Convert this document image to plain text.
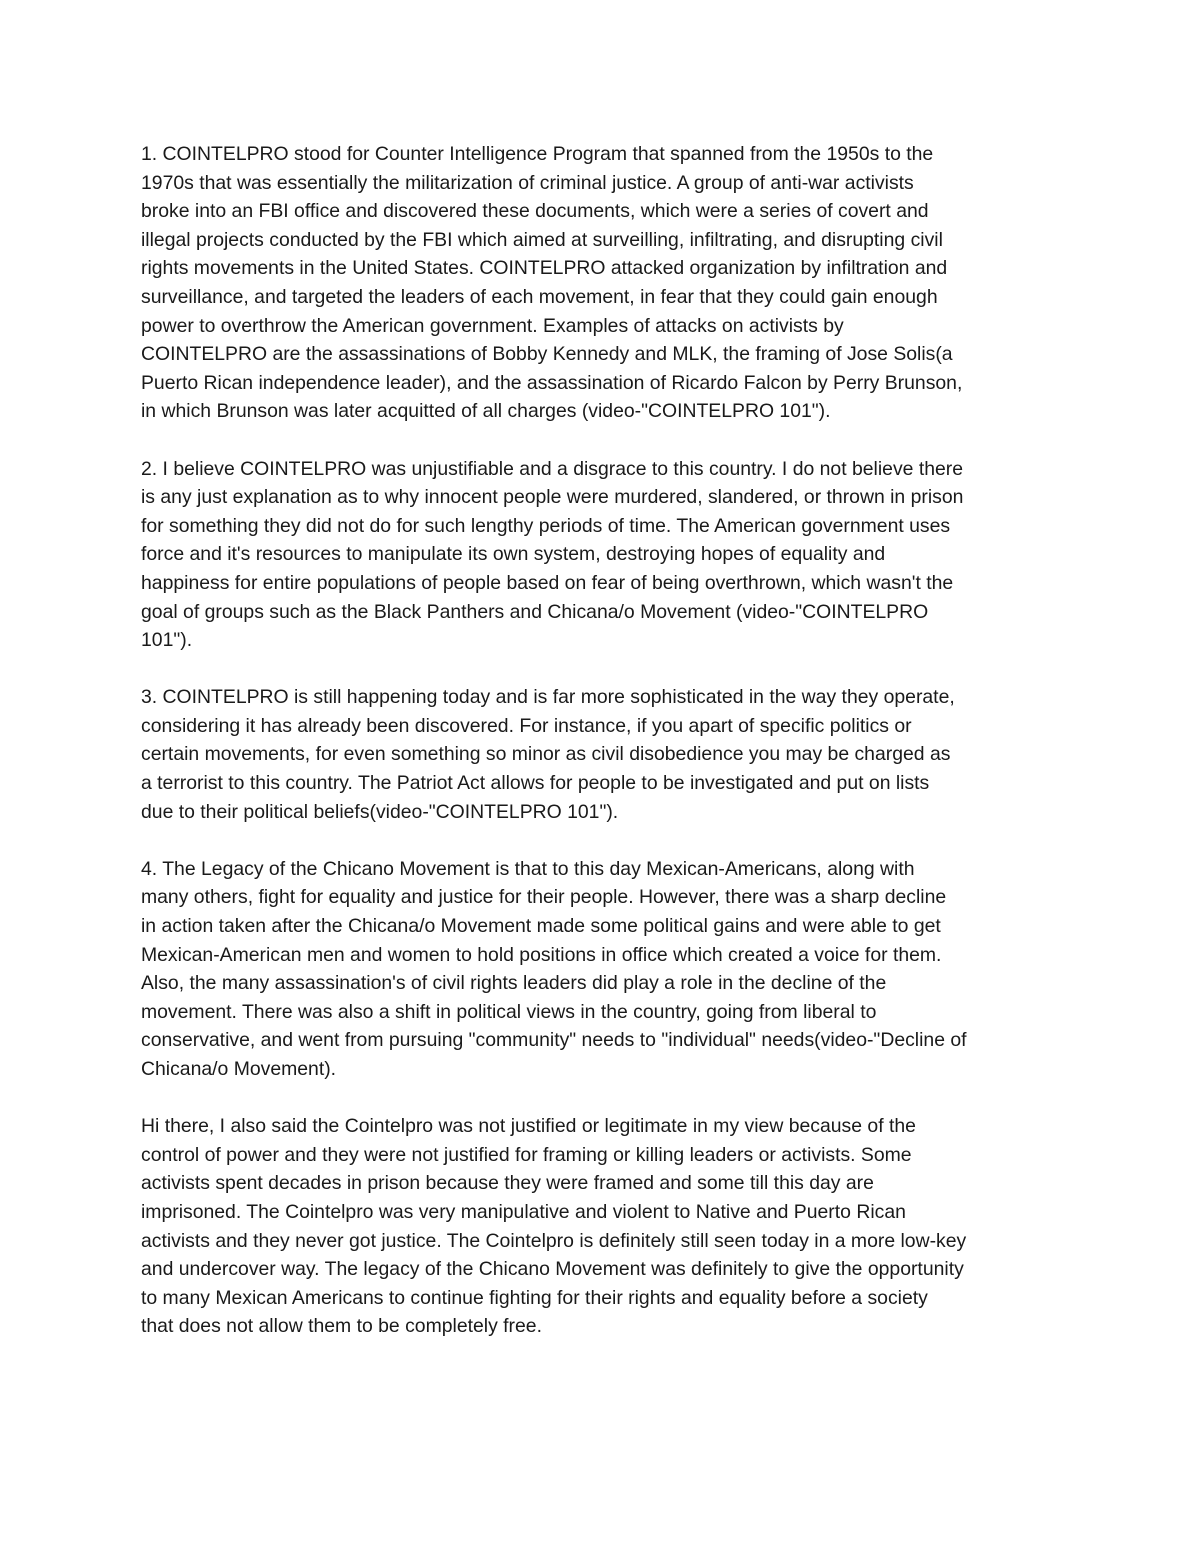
1. COINTELPRO stood for Counter Intelligence Program that spanned from the 1950s to the
1970s that was essentially the militarization of criminal justice. A group of anti-war activists
broke into an FBI office and discovered these documents, which were a series of covert and
illegal projects conducted by the FBI which aimed at surveilling, infiltrating, and disrupting civil
rights movements in the United States. COINTELPRO attacked organization by infiltration and
surveillance, and targeted the leaders of each movement, in fear that they could gain enough
power to overthrow the American government. Examples of attacks on activists by
COINTELPRO are the assassinations of Bobby Kennedy and MLK, the framing of Jose Solis(a
Puerto Rican independence leader), and the assassination of Ricardo Falcon by Perry Brunson,
in which Brunson was later acquitted of all charges (video-"COINTELPRO 101").

2. I believe COINTELPRO was unjustifiable and a disgrace to this country. I do not believe there
is any just explanation as to why innocent people were murdered, slandered, or thrown in prison
for something they did not do for such lengthy periods of time. The American government uses
force and it's resources to manipulate its own system, destroying hopes of equality and
happiness for entire populations of people based on fear of being overthrown, which wasn't the
goal of groups such as the Black Panthers and Chicana/o Movement (video-"COINTELPRO
101").

3. COINTELPRO is still happening today and is far more sophisticated in the way they operate,
considering it has already been discovered. For instance, if you apart of specific politics or
certain movements, for even something so minor as civil disobedience you may be charged as
a terrorist to this country. The Patriot Act allows for people to be investigated and put on lists
due to their political beliefs(video-"COINTELPRO 101").

4. The Legacy of the Chicano Movement is that to this day Mexican-Americans, along with
many others, fight for equality and justice for their people. However, there was a sharp decline
in action taken after the Chicana/o Movement made some political gains and were able to get
Mexican-American men and women to hold positions in office which created a voice for them.
Also, the many assassination's of civil rights leaders did play a role in the decline of the
movement. There was also a shift in political views in the country, going from liberal to
conservative, and went from pursuing "community" needs to "individual" needs(video-"Decline of
Chicana/o Movement).

Hi there, I also said the Cointelpro was not justified or legitimate in my view because of the
control of power and they were not justified for framing or killing leaders or activists. Some
activists spent decades in prison because they were framed and some till this day are
imprisoned. The Cointelpro was very manipulative and violent to Native and Puerto Rican
activists and they never got justice. The Cointelpro is definitely still seen today in a more low-key
and undercover way. The legacy of the Chicano Movement was definitely to give the opportunity
to many Mexican Americans to continue fighting for their rights and equality before a society
that does not allow them to be completely free.
